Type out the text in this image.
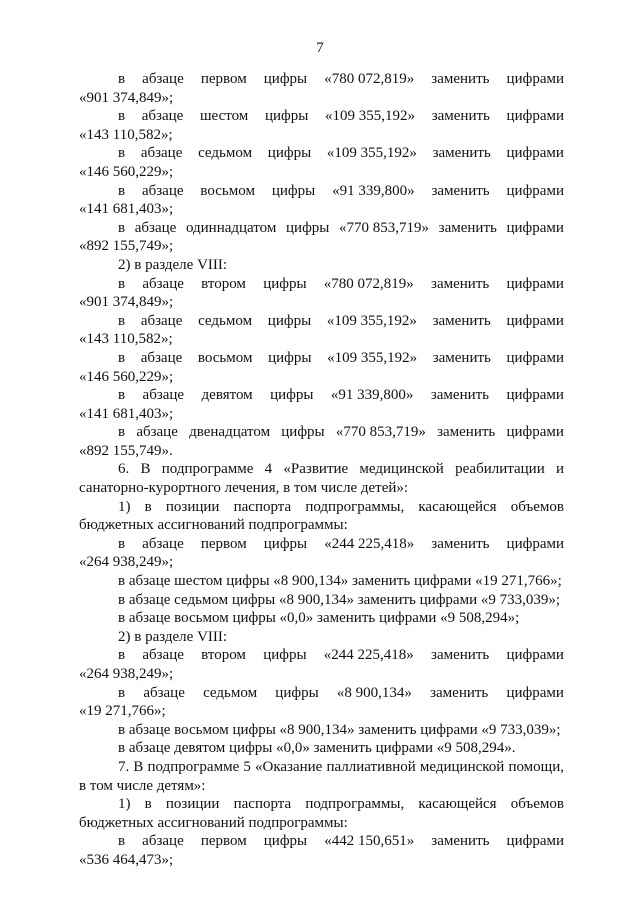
7

в абзаце первом цифры «780 072,819» заменить цифрами

«901 374,849»;

в абзаце шестом цифры «109 355,192» заменить цифрами

«143 110,582»;

в абзаце седьмом цифры «109 355,192» заменить цифрами

«146 560,229»;

в абзаце восьмом цифры «91 339,800» заменить цифрами

«141 681,403»;

в абзаце одиннадцатом цифры «770 853,719» заменить цифрами

«892 155,749»;

2) в разделе VIII:

в абзаце втором цифры «780 072,819» заменить цифрами

«901 374,849»;

в абзаце седьмом цифры «109 355,192» заменить цифрами

«143 110,582»;

в абзаце восьмом цифры «109 355,192» заменить цифрами

«146 560,229»;

в абзаце девятом цифры «91 339,800» заменить цифрами

«141 681,403»;

в абзаце двенадцатом цифры «770 853,719» заменить цифрами

«892 155,749».

6. В подпрограмме 4 «Развитие медицинской реабилитации и санаторно-курортного лечения, в том числе детей»:

1) в позиции паспорта подпрограммы, касающейся объемов бюджетных ассигнований подпрограммы:

в абзаце первом цифры «244 225,418» заменить цифрами

«264 938,249»;

в абзаце шестом цифры «8 900,134» заменить цифрами «19 271,766»;

в абзаце седьмом цифры «8 900,134» заменить цифрами «9 733,039»;

в абзаце восьмом цифры «0,0» заменить цифрами «9 508,294»;

2) в разделе VIII:

в абзаце втором цифры «244 225,418» заменить цифрами

«264 938,249»;

в абзаце седьмом цифры «8 900,134» заменить цифрами

«19 271,766»;

в абзаце восьмом цифры «8 900,134» заменить цифрами «9 733,039»;

в абзаце девятом цифры «0,0» заменить цифрами «9 508,294».

7. В подпрограмме 5 «Оказание паллиативной медицинской помощи, в том числе детям»:

1) в позиции паспорта подпрограммы, касающейся объемов бюджетных ассигнований подпрограммы:

в абзаце первом цифры «442 150,651» заменить цифрами

«536 464,473»;
